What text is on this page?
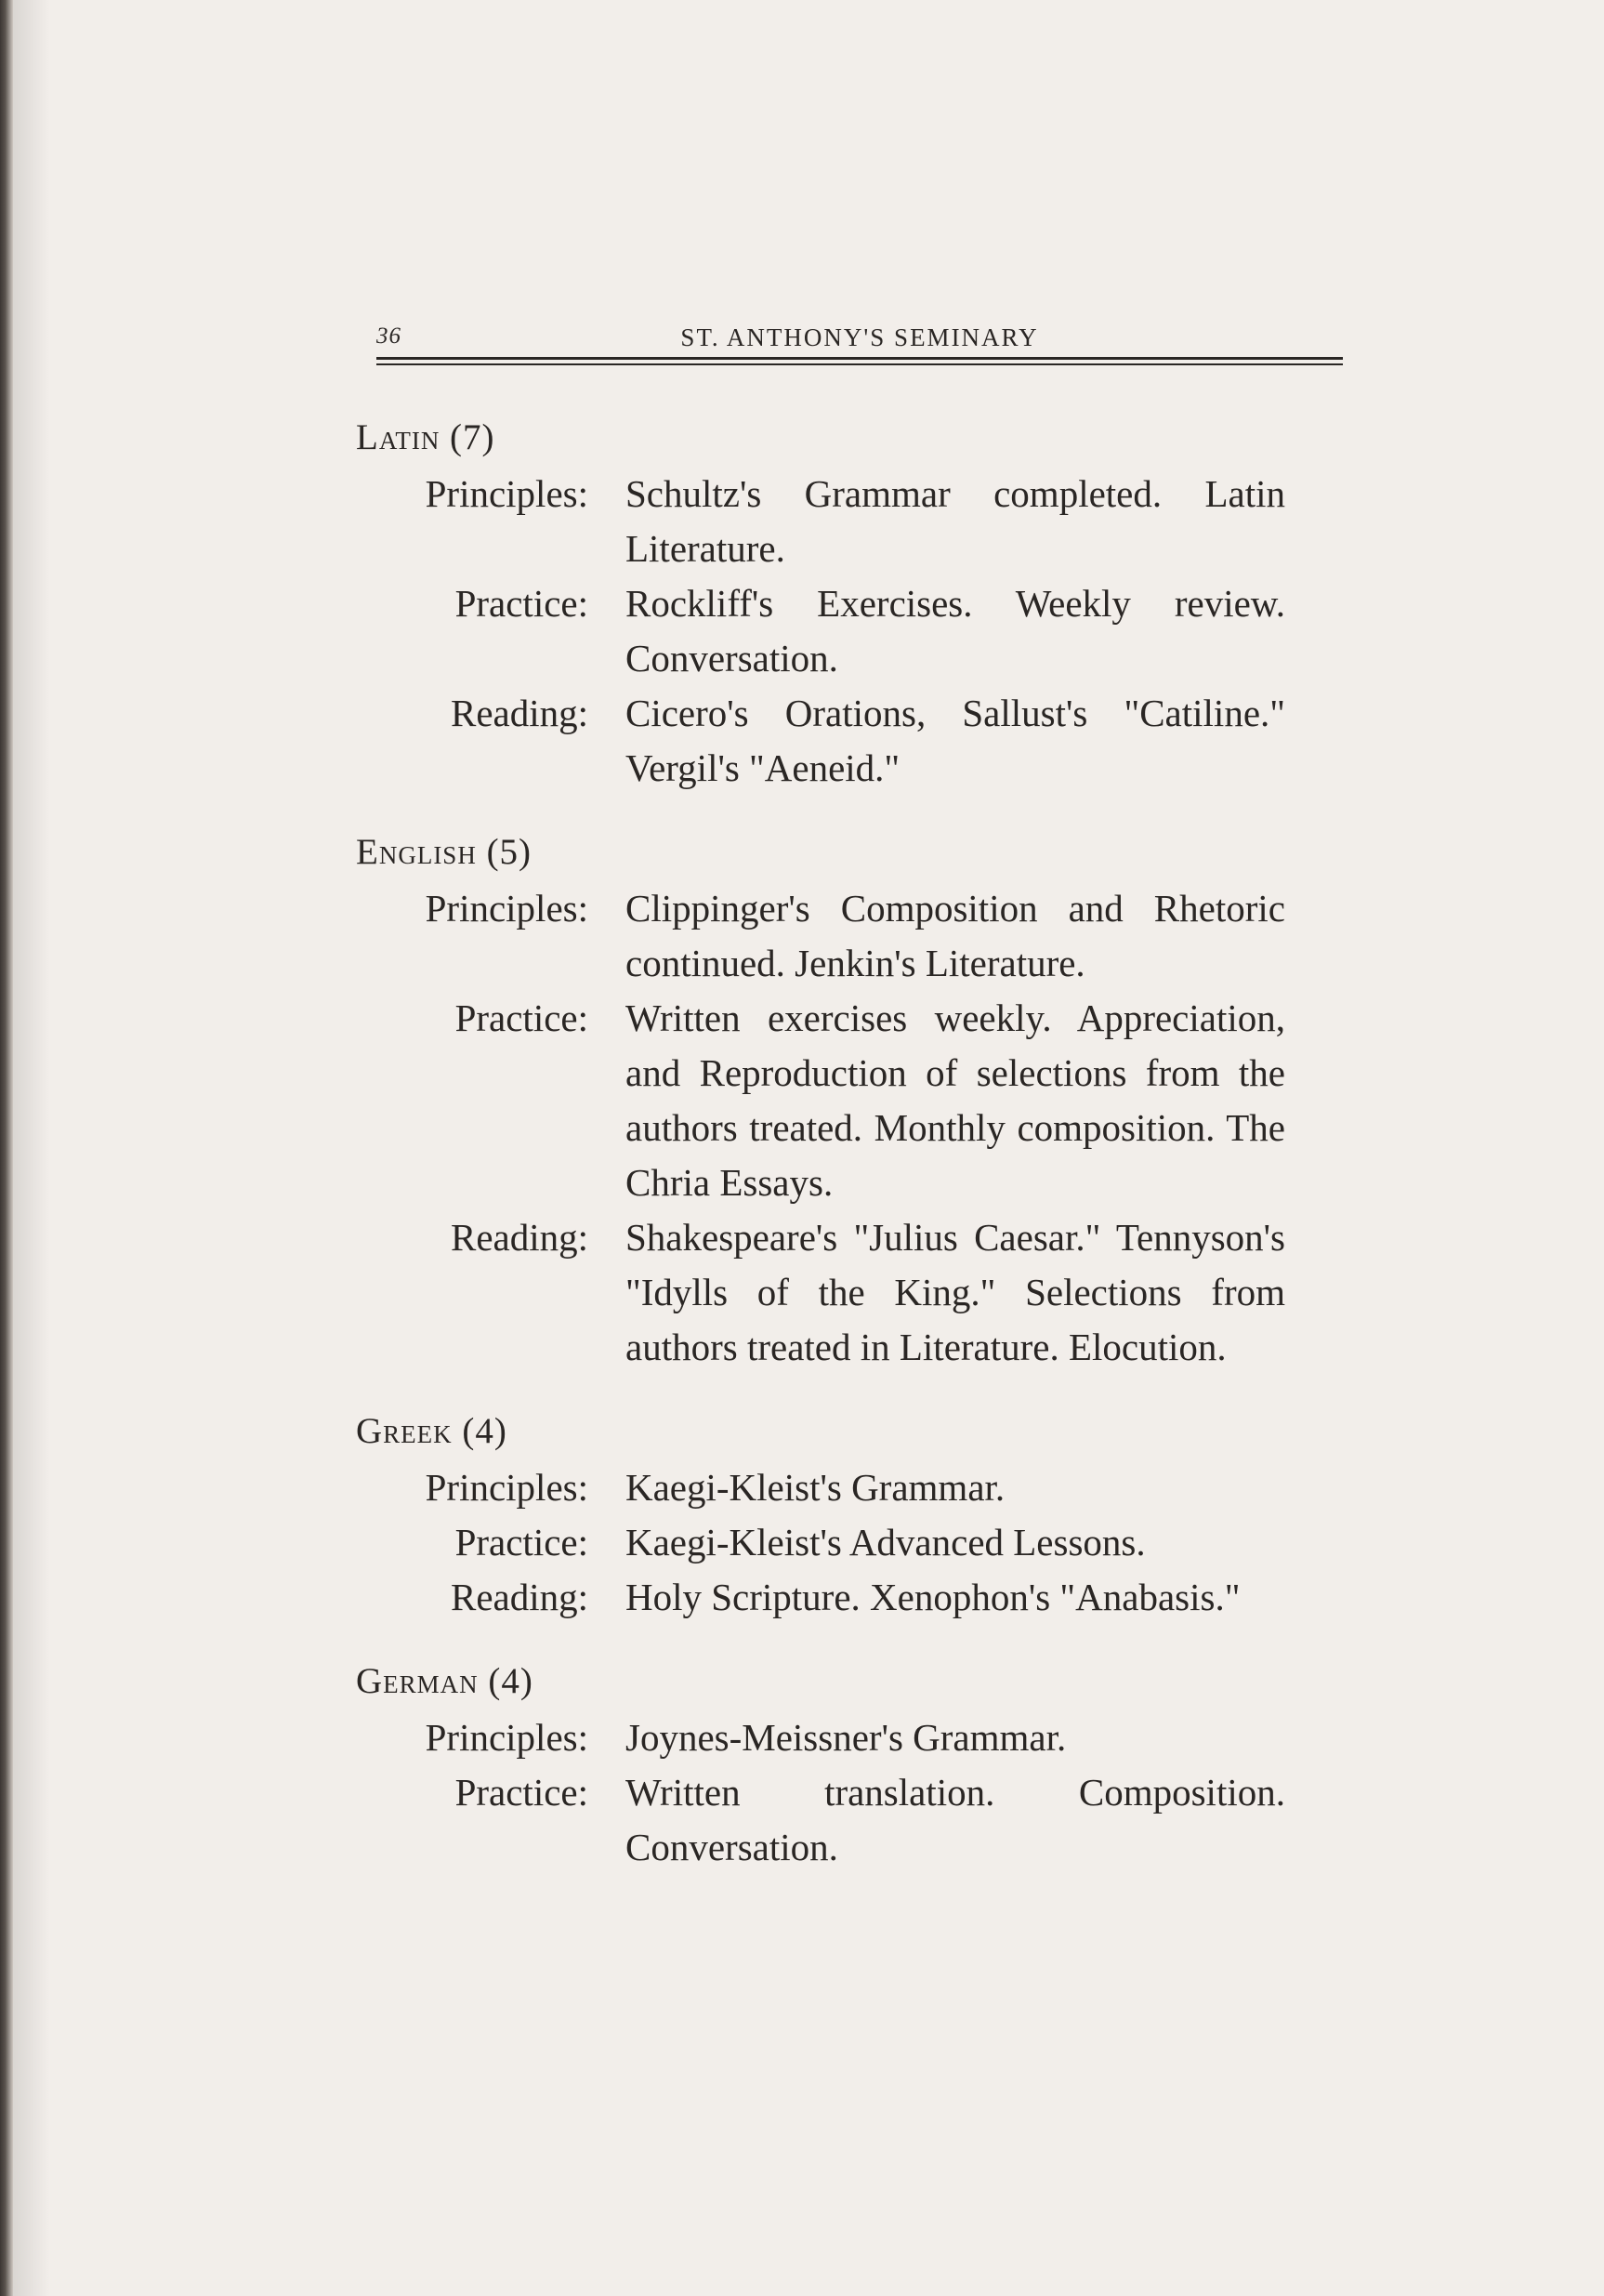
36	ST. ANTHONY'S SEMINARY
Latin (7)
Principles: Schultz's Grammar completed. Latin Literature.
Practice: Rockliff's Exercises. Weekly review. Conversation.
Reading: Cicero's Orations, Sallust's "Catiline." Vergil's "Aeneid."
English (5)
Principles: Clippinger's Composition and Rhetoric continued. Jenkin's Literature.
Practice: Written exercises weekly. Appreciation, and Reproduction of selections from the authors treated. Monthly composition. The Chria Essays.
Reading: Shakespeare's "Julius Caesar." Tennyson's "Idylls of the King." Selections from authors treated in Literature. Elocution.
Greek (4)
Principles: Kaegi-Kleist's Grammar.
Practice: Kaegi-Kleist's Advanced Lessons.
Reading: Holy Scripture. Xenophon's "Anabasis."
German (4)
Principles: Joynes-Meissner's Grammar.
Practice: Written translation. Composition. Conversation.
